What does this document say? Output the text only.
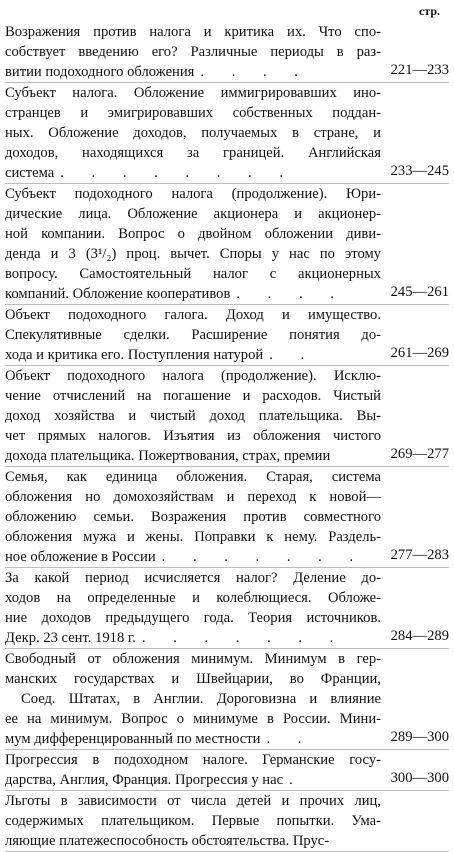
стр.
Возражения против налога и критика их. Что спо-
собствует введению его? Различные периоды в раз-
витии подоходного обложения . . . .	221—233
Субъект налога. Обложение иммигрировавших ино-
странцев и эмигрировавших собственных поддан-
ных. Обложение доходов, получаемых в стране, и
доходов, находящихся за границей. Английская
система . . . . . . . .	233—245
Субъект подоходного налога (продолжение). Юри-
дические лица. Обложение акционера и акционер-
ной компании. Вопрос о двойном обложении диви-
денда и 3 (3¹/₂) проц. вычет. Споры у нас по этому
вопросу. Самостоятельный налог с акционерных
компаний. Обложение кооперативов . . . .	245—261
Объект подоходного галога. Доход и имущество.
Спекулятивные сделки. Расширение понятия до-
хода и критика его. Поступления натурой . .	261—269
Объект подоходного налога (продолжение). Исклю-
чение отчислений на погашение и расходов. Чистый
доход хозяйства и чистый доход плательщика. Вы-
чет прямых налогов. Изъятия из обложения чистого
дохода плательщика. Пожертвования, страх, премии	269—277
Семья, как единица обложения. Старая, система
обложения но домохозяйствам и переход к новой—
обложению семьи. Возражения против совместного
обложения мужа и жены. Поправки к нему. Раздель-
ное обложение в России . . . . . . .	277—283
За какой период исчисляется налог? Деление до-
ходов на определенные и колеблющиеся. Обложе-
ние доходов предыдущего года. Теория источников.
Декр. 23 сент. 1918 г. . . . . . . .	284—289
Свободный от обложения минимум. Минимум в гер-
манских государствах и Швейцарии, во Франции,
Соед. Штатах, в Англии. Дороговизна и влияние
ее на минимум. Вопрос о минимуме в России. Мини-
мум дифференцированный по местности . .	289—300
Прогрессия в подоходном налоге. Германские госу-
дарства, Англия, Франция. Прогрессия у нас .	300—300
Льготы в зависимости от числа детей и прочих лиц,
содержимых плательщиком. Первые попытки. Ума-
ляющие платежеспособность обстоятельства. Прус-
